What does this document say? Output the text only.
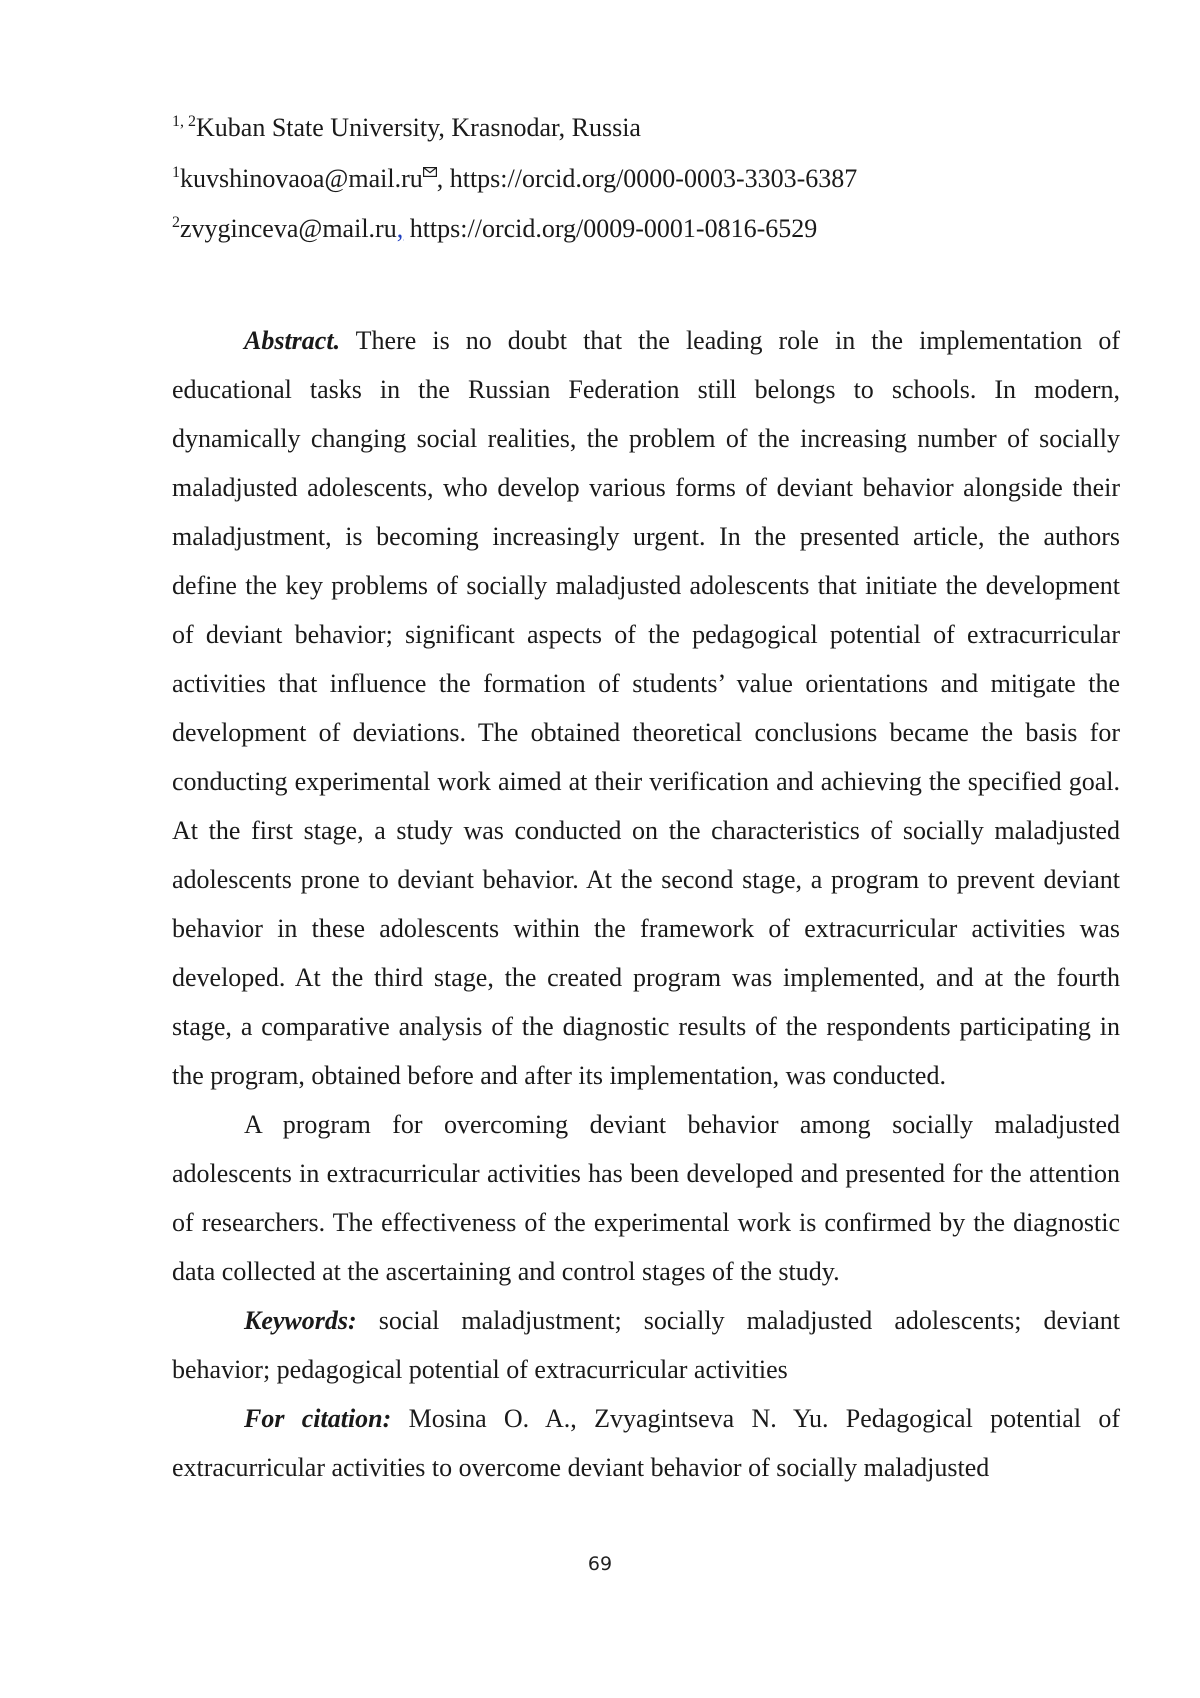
$^{1, 2}$Kuban State University, Krasnodar, Russia
$^1$kuvshinovaoa@mail.ru , https://orcid.org/0000-0003-3303-6387
$^2$zvyginceva@mail.ru, https://orcid.org/0009-0001-0816-6529

Abstract. There is no doubt that the leading role in the implementation of educational tasks in the Russian Federation still belongs to schools. In modern, dynamically changing social realities, the problem of the increasing number of socially maladjusted adolescents, who develop various forms of deviant behavior alongside their maladjustment, is becoming increasingly urgent. In the presented article, the authors define the key problems of socially maladjusted adolescents that initiate the development of deviant behavior; significant aspects of the pedagogical potential of extracurricular activities that influence the formation of students’ value orientations and mitigate the development of deviations. The obtained theoretical conclusions became the basis for conducting experimental work aimed at their verification and achieving the specified goal. At the first stage, a study was conducted on the characteristics of socially maladjusted adolescents prone to deviant behavior. At the second stage, a program to prevent deviant behavior in these adolescents within the framework of extracurricular activities was developed. At the third stage, the created program was implemented, and at the fourth stage, a comparative analysis of the diagnostic results of the respondents participating in the program, obtained before and after its implementation, was conducted.

A program for overcoming deviant behavior among socially maladjusted adolescents in extracurricular activities has been developed and presented for the attention of researchers. The effectiveness of the experimental work is confirmed by the diagnostic data collected at the ascertaining and control stages of the study.

Keywords: social maladjustment; socially maladjusted adolescents; deviant behavior; pedagogical potential of extracurricular activities

For citation: Mosina O. A., Zvyagintseva N. Yu. Pedagogical potential of extracurricular activities to overcome deviant behavior of socially maladjusted

69
